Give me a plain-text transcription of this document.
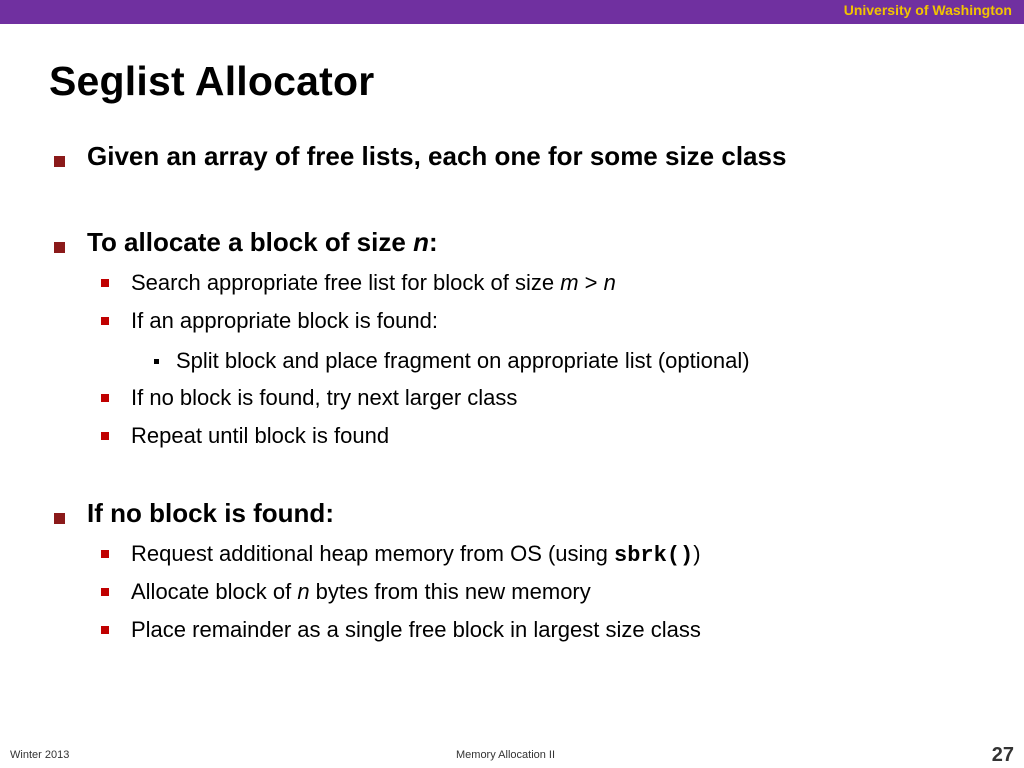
University of Washington
Seglist Allocator
Given an array of free lists, each one for some size class
To allocate a block of size n:
Search appropriate free list for block of size m > n
If an appropriate block is found:
Split block and place fragment on appropriate list (optional)
If no block is found, try next larger class
Repeat until block is found
If no block is found:
Request additional heap memory from OS (using sbrk())
Allocate block of n bytes from this new memory
Place remainder as a single free block in largest size class
Winter 2013	Memory Allocation II	27
